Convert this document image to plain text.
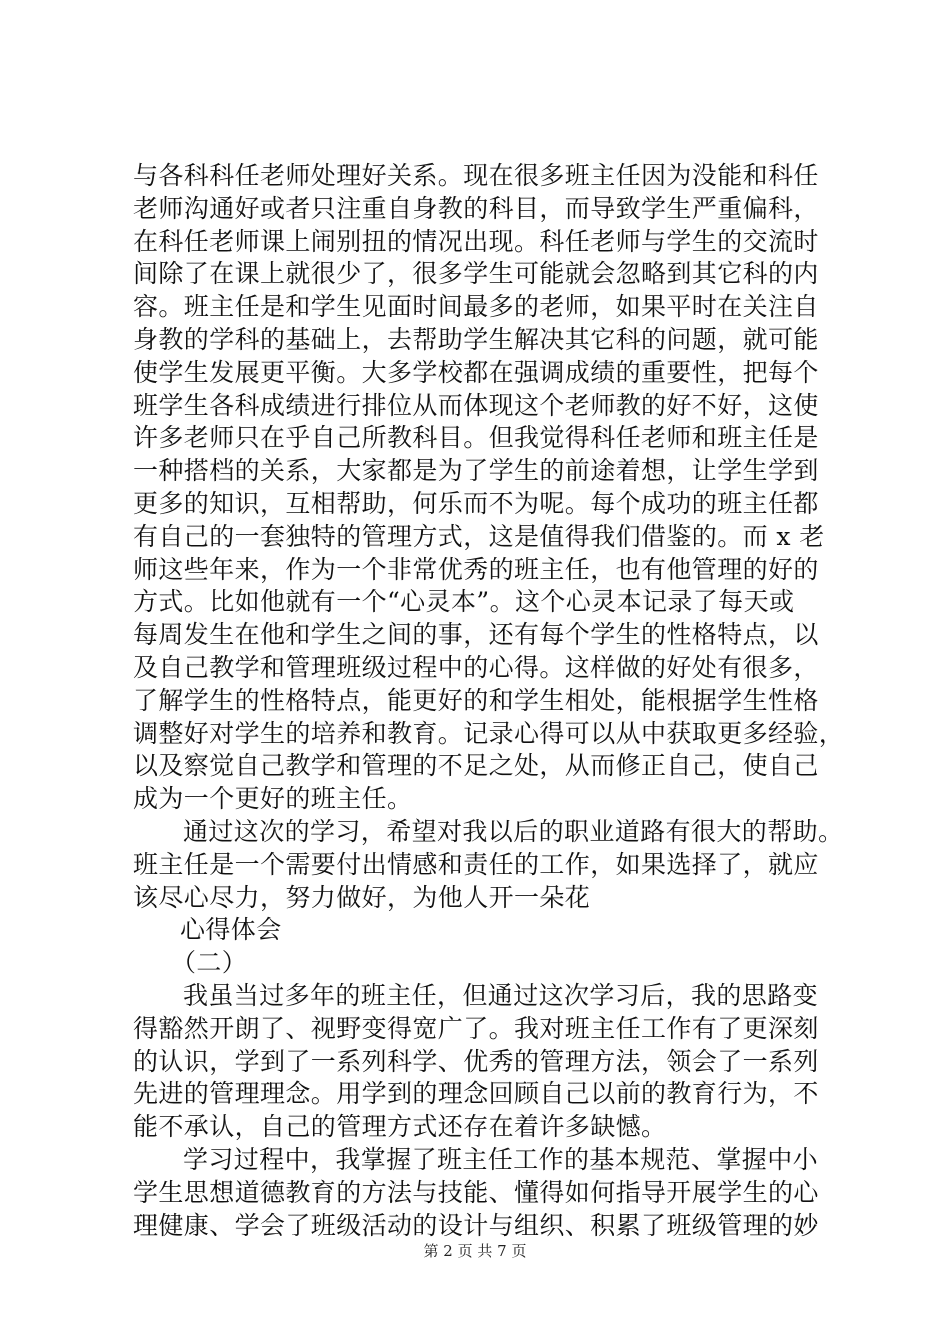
与各科科任老师处理好关系。现在很多班主任因为没能和科任
老师沟通好或者只注重自身教的科目，而导致学生严重偏科，
在科任老师课上闹别扭的情况出现。科任老师与学生的交流时
间除了在课上就很少了，很多学生可能就会忽略到其它科的内
容。班主任是和学生见面时间最多的老师，如果平时在关注自
身教的学科的基础上，去帮助学生解决其它科的问题，就可能
使学生发展更平衡。大多学校都在强调成绩的重要性，把每个
班学生各科成绩进行排位从而体现这个老师教的好不好，这使
许多老师只在乎自己所教科目。但我觉得科任老师和班主任是
一种搭档的关系，大家都是为了学生的前途着想，让学生学到
更多的知识，互相帮助，何乐而不为呢。每个成功的班主任都
有自己的一套独特的管理方式，这是值得我们借鉴的。而 x 老
师这些年来，作为一个非常优秀的班主任，也有他管理的好的
方式。比如他就有一个“心灵本”。这个心灵本记录了每天或
每周发生在他和学生之间的事，还有每个学生的性格特点，以
及自己教学和管理班级过程中的心得。这样做的好处有很多，
了解学生的性格特点，能更好的和学生相处，能根据学生性格
调整好对学生的培养和教育。记录心得可以从中获取更多经验，
以及察觉自己教学和管理的不足之处，从而修正自己，使自己
成为一个更好的班主任。
通过这次的学习，希望对我以后的职业道路有很大的帮助。
班主任是一个需要付出情感和责任的工作，如果选择了，就应
该尽心尽力，努力做好，为他人开一朵花
心得体会
（二）
我虽当过多年的班主任，但通过这次学习后，我的思路变
得豁然开朗了、视野变得宽广了。我对班主任工作有了更深刻
的认识，学到了一系列科学、优秀的管理方法，领会了一系列
先进的管理理念。用学到的理念回顾自己以前的教育行为，不
能不承认，自己的管理方式还存在着许多缺憾。
学习过程中，我掌握了班主任工作的基本规范、掌握中小
学生思想道德教育的方法与技能、懂得如何指导开展学生的心
理健康、学会了班级活动的设计与组织、积累了班级管理的妙
第 2 页 共 7 页
